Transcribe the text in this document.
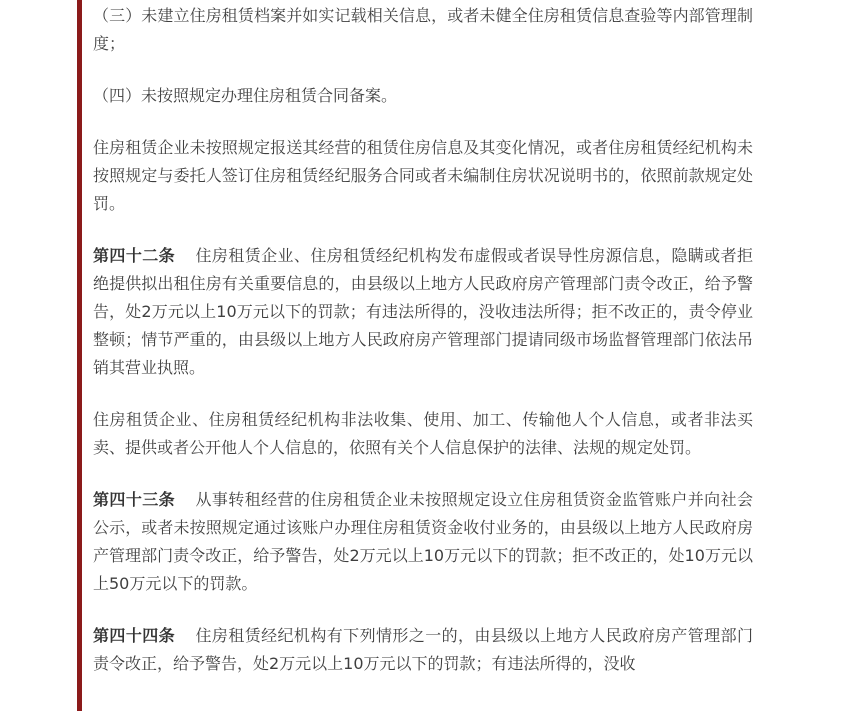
（三）未建立住房租赁档案并如实记载相关信息，或者未健全住房租赁信息查验等内部管理制度；

（四）未按照规定办理住房租赁合同备案。

住房租赁企业未按照规定报送其经营的租赁住房信息及其变化情况，或者住房租赁经纪机构未按照规定与委托人签订住房租赁经纪服务合同或者未编制住房状况说明书的，依照前款规定处罚。

第四十二条 住房租赁企业、住房租赁经纪机构发布虚假或者误导性房源信息，隐瞒或者拒绝提供拟出租住房有关重要信息的，由县级以上地方人民政府房产管理部门责令改正，给予警告，处2万元以上10万元以下的罚款；有违法所得的，没收违法所得；拒不改正的，责令停业整顿；情节严重的，由县级以上地方人民政府房产管理部门提请同级市场监督管理部门依法吊销其营业执照。

住房租赁企业、住房租赁经纪机构非法收集、使用、加工、传输他人个人信息，或者非法买卖、提供或者公开他人个人信息的，依照有关个人信息保护的法律、法规的规定处罚。

第四十三条 从事转租经营的住房租赁企业未按照规定设立住房租赁资金监管账户并向社会公示，或者未按照规定通过该账户办理住房租赁资金收付业务的，由县级以上地方人民政府房产管理部门责令改正，给予警告，处2万元以上10万元以下的罚款；拒不改正的，处10万元以上50万元以下的罚款。

第四十四条 住房租赁经纪机构有下列情形之一的，由县级以上地方人民政府房产管理部门责令改正，给予警告，处2万元以上10万元以下的罚款；有违法所得的，没收
